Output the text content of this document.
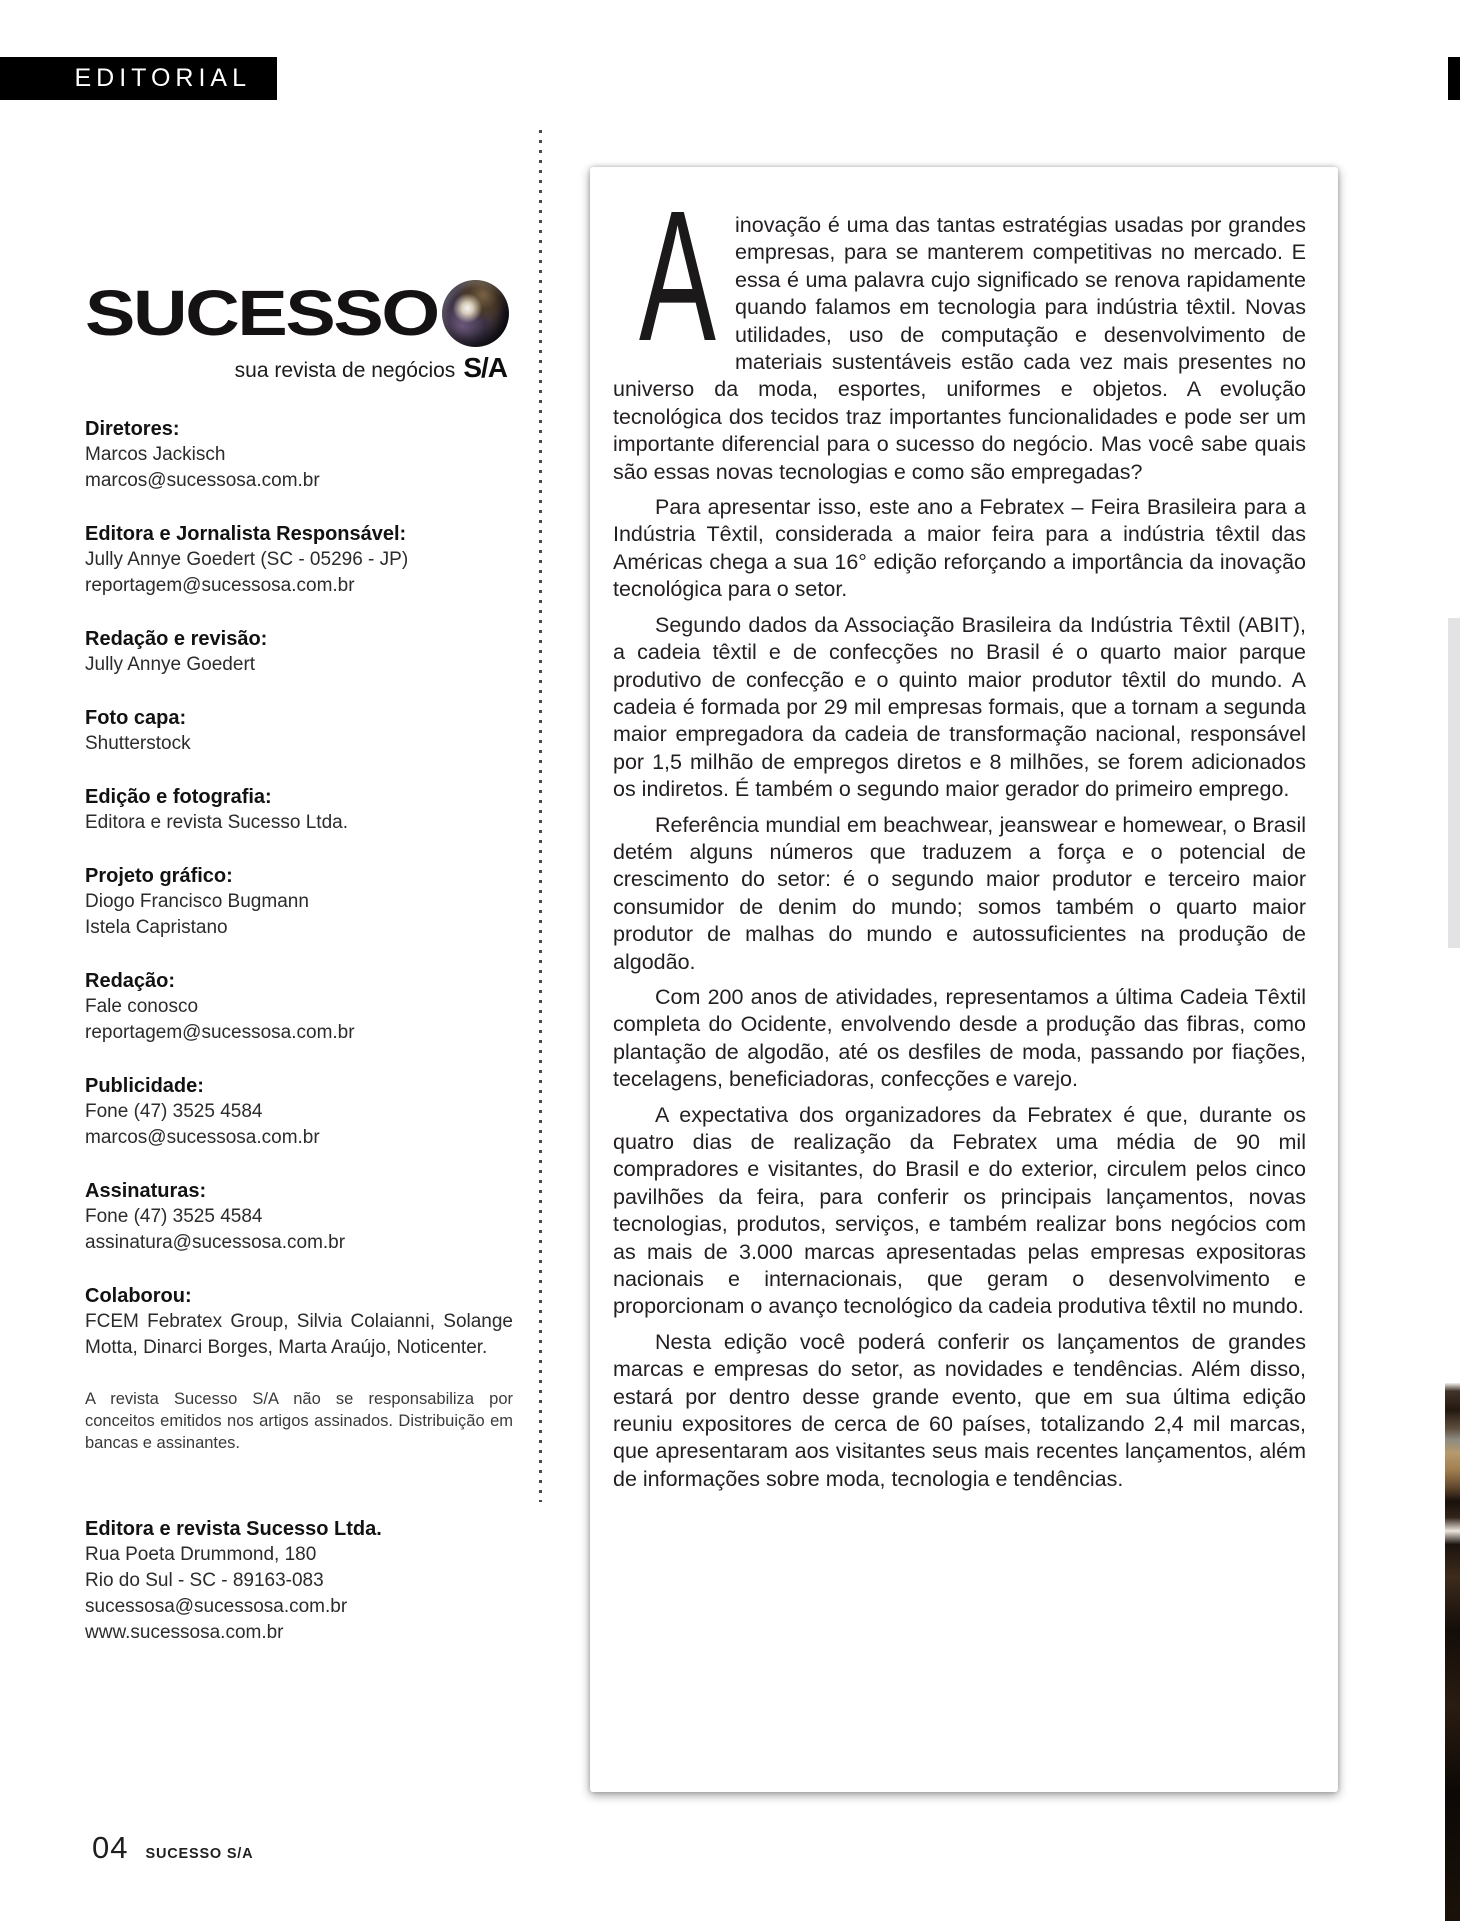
EDITORIAL
SUCESSO
sua revista de negócios S/A
Diretores:
Marcos Jackisch
marcos@sucessosa.com.br
Editora e Jornalista Responsável:
Jully Annye Goedert (SC - 05296 - JP)
reportagem@sucessosa.com.br
Redação e revisão:
Jully Annye Goedert
Foto capa:
Shutterstock
Edição e fotografia:
Editora e revista Sucesso Ltda.
Projeto gráfico:
Diogo Francisco Bugmann
Istela Capristano
Redação:
Fale conosco
reportagem@sucessosa.com.br
Publicidade:
Fone (47) 3525 4584
marcos@sucessosa.com.br
Assinaturas:
Fone (47) 3525 4584
assinatura@sucessosa.com.br
Colaborou:
FCEM Febratex Group, Silvia Colaianni, Solange Motta, Dinarci Borges, Marta Araújo, Noticenter.
A revista Sucesso S/A não se responsabiliza por conceitos emitidos nos artigos assinados. Distribuição em bancas e assinantes.
Editora e revista Sucesso Ltda.
Rua Poeta Drummond, 180
Rio do Sul - SC - 89163-083
sucessosa@sucessosa.com.br
www.sucessosa.com.br

A inovação é uma das tantas estratégias usadas por grandes empresas, para se manterem competitivas no mercado. E essa é uma palavra cujo significado se renova rapidamente quando falamos em tecnologia para indústria têxtil. Novas utilidades, uso de computação e desenvolvimento de materiais sustentáveis estão cada vez mais presentes no universo da moda, esportes, uniformes e objetos. A evolução tecnológica dos tecidos traz importantes funcionalidades e pode ser um importante diferencial para o sucesso do negócio. Mas você sabe quais são essas novas tecnologias e como são empregadas?

Para apresentar isso, este ano a Febratex – Feira Brasileira para a Indústria Têxtil, considerada a maior feira para a indústria têxtil das Américas chega a sua 16° edição reforçando a importância da inovação tecnológica para o setor.

Segundo dados da Associação Brasileira da Indústria Têxtil (ABIT), a cadeia têxtil e de confecções no Brasil é o quarto maior parque produtivo de confecção e o quinto maior produtor têxtil do mundo. A cadeia é formada por 29 mil empresas formais, que a tornam a segunda maior empregadora da cadeia de transformação nacional, responsável por 1,5 milhão de empregos diretos e 8 milhões, se forem adicionados os indiretos. É também o segundo maior gerador do primeiro emprego.

Referência mundial em beachwear, jeanswear e homewear, o Brasil detém alguns números que traduzem a força e o potencial de crescimento do setor: é o segundo maior produtor e terceiro maior consumidor de denim do mundo; somos também o quarto maior produtor de malhas do mundo e autossuficientes na produção de algodão.

Com 200 anos de atividades, representamos a última Cadeia Têxtil completa do Ocidente, envolvendo desde a produção das fibras, como plantação de algodão, até os desfiles de moda, passando por fiações, tecelagens, beneficiadoras, confecções e varejo.

A expectativa dos organizadores da Febratex é que, durante os quatro dias de realização da Febratex uma média de 90 mil compradores e visitantes, do Brasil e do exterior, circulem pelos cinco pavilhões da feira, para conferir os principais lançamentos, novas tecnologias, produtos, serviços, e também realizar bons negócios com as mais de 3.000 marcas apresentadas pelas empresas expositoras nacionais e internacionais, que geram o desenvolvimento e proporcionam o avanço tecnológico da cadeia produtiva têxtil no mundo.

Nesta edição você poderá conferir os lançamentos de grandes marcas e empresas do setor, as novidades e tendências. Além disso, estará por dentro desse grande evento, que em sua última edição reuniu expositores de cerca de 60 países, totalizando 2,4 mil marcas, que apresentaram aos visitantes seus mais recentes lançamentos, além de informações sobre moda, tecnologia e tendências.

04 SUCESSO S/A
